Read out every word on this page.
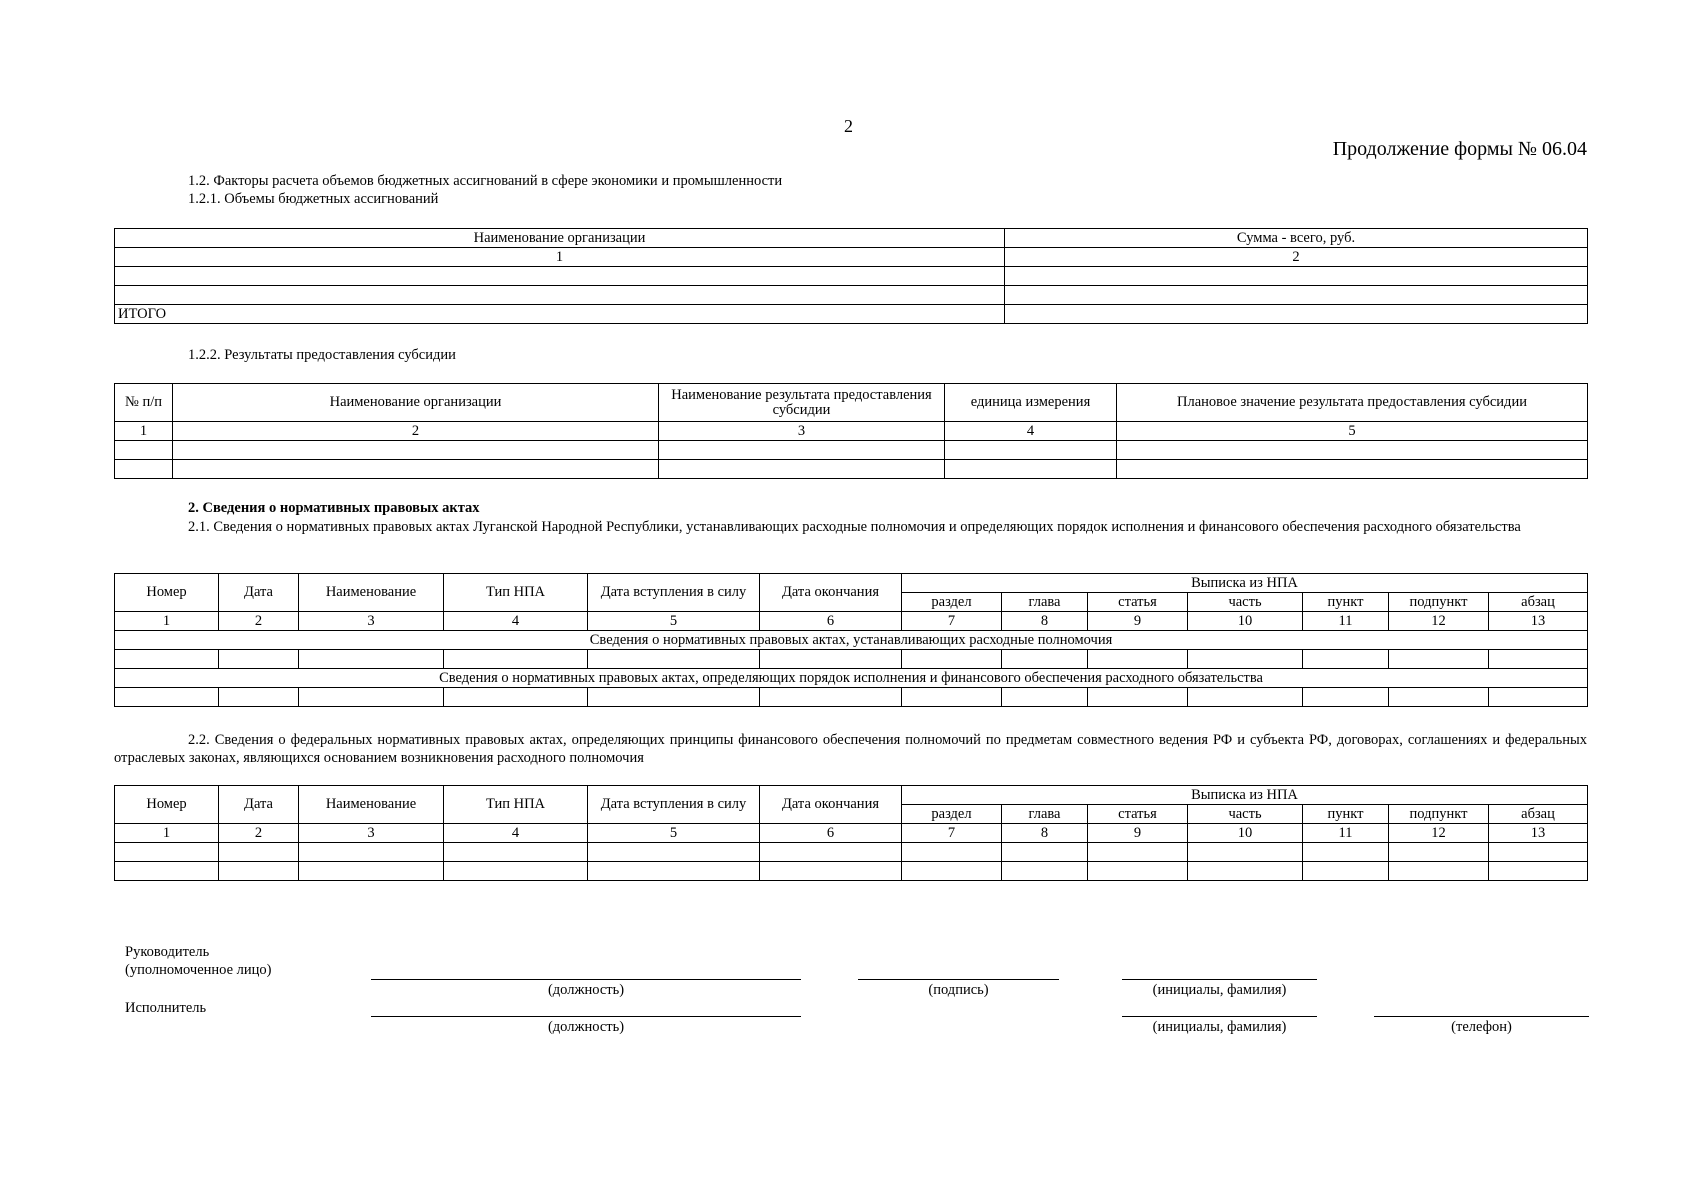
2
Продолжение формы № 06.04
1.2. Факторы расчета объемов бюджетных ассигнований в сфере экономики и промышленности
1.2.1. Объемы бюджетных ассигнований
Наименование организации	Сумма - всего, руб.
1	2

ИТОГО	
1.2.2. Результаты предоставления субсидии
№ п/п	Наименование организации	Наименование результата предоставления субсидии	единица измерения	Плановое значение результата предоставления субсидии
1	2	3	4	5

2. Сведения о нормативных правовых актах
2.1. Сведения о нормативных правовых актах Луганской Народной Республики, устанавливающих расходные полномочия и определяющих порядок исполнения и финансового обеспечения расходного обязательства
Номер	Дата	Наименование	Тип НПА	Дата вступления в силу	Дата окончания	Выписка из НПА						
						раздел	глава	статья	часть	пункт	подпункт	абзац
1	2	3	4	5	6	7	8	9	10	11	12	13
Сведения о нормативных правовых актах, устанавливающих расходные полномочия												

Сведения о нормативных правовых актах, определяющих порядок исполнения и финансового обеспечения расходного обязательства												

2.2. Сведения о федеральных нормативных правовых актах, определяющих принципы финансового обеспечения полномочий по предметам совместного ведения РФ и субъекта РФ, договорах, соглашениях и федеральных отраслевых законах, являющихся основанием возникновения расходного полномочия
Номер	Дата	Наименование	Тип НПА	Дата вступления в силу	Дата окончания	Выписка из НПА						
						раздел	глава	статья	часть	пункт	подпункт	абзац
1	2	3	4	5	6	7	8	9	10	11	12	13

Руководитель
(уполномоченное лицо)
Исполнитель
(должность)	(подпись)	(инициалы, фамилия)
(должность)	(инициалы, фамилия)	(телефон)
